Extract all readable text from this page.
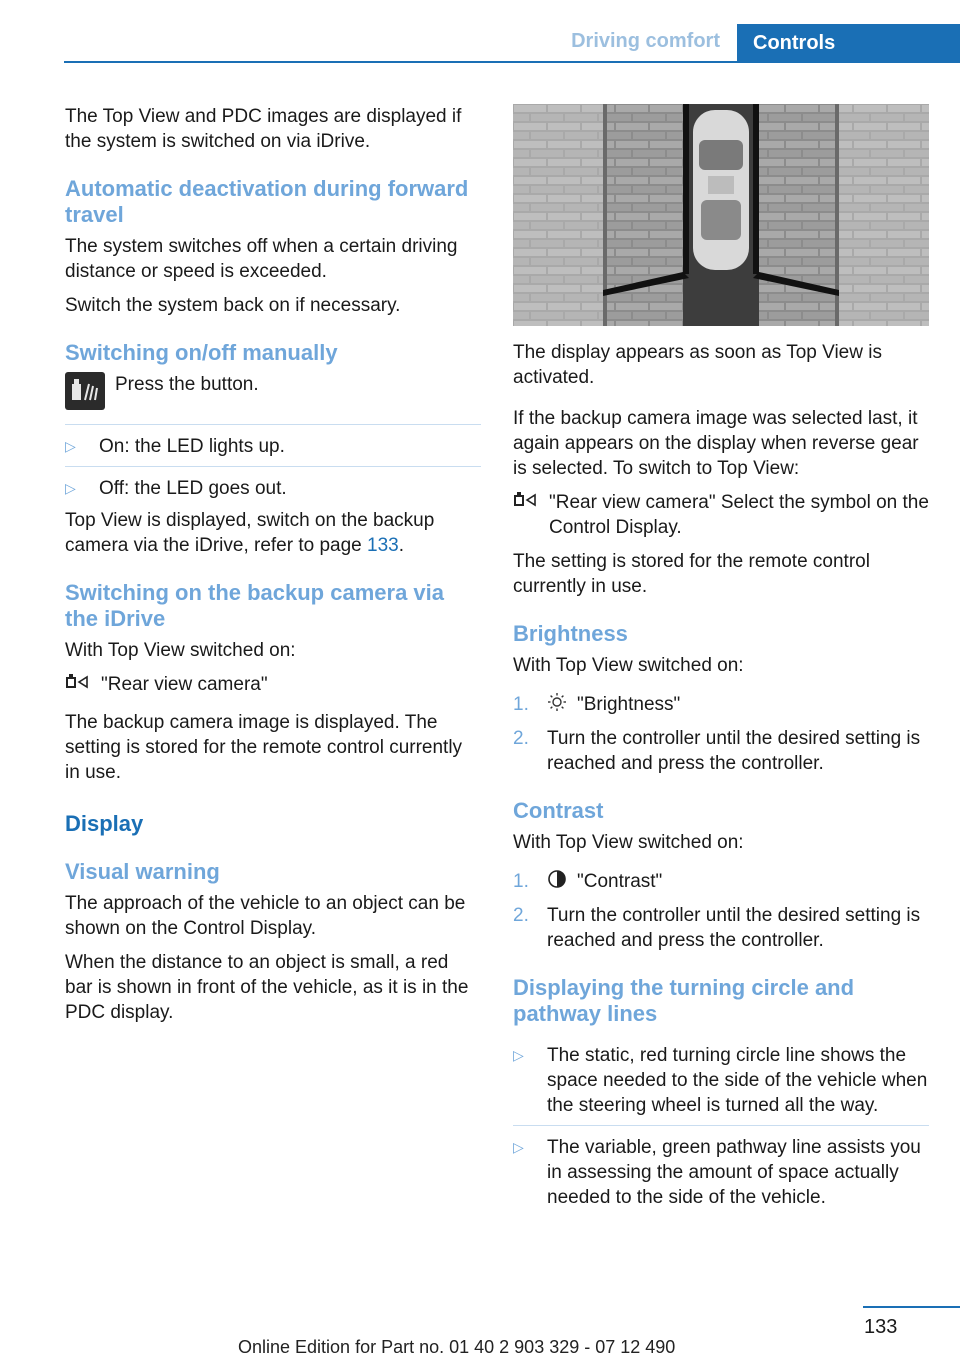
Driving comfort	Controls

The Top View and PDC images are displayed if the system is switched on via iDrive.

Automatic deactivation during forward travel

The system switches off when a certain driving distance or speed is exceeded.

Switch the system back on if necessary.

Switching on/off manually

Press the button.

▷	On: the LED lights up.
▷	Off: the LED goes out.

Top View is displayed, switch on the backup camera via the iDrive, refer to page 133.

Switching on the backup camera via the iDrive

With Top View switched on:

"Rear view camera"

The backup camera image is displayed. The setting is stored for the remote control currently in use.

Display
Visual warning

The approach of the vehicle to an object can be shown on the Control Display.

When the distance to an object is small, a red bar is shown in front of the vehicle, as it is in the PDC display.

The display appears as soon as Top View is activated.

If the backup camera image was selected last, it again appears on the display when reverse gear is selected. To switch to Top View:

"Rear view camera" Select the symbol on the Control Display.

The setting is stored for the remote control currently in use.

Brightness

With Top View switched on:

1.	"Brightness"
2. Turn the controller until the desired setting is reached and press the controller.
Contrast

With Top View switched on:

1.	"Contrast"
2. Turn the controller until the desired setting is reached and press the controller.
Displaying the turning circle and pathway lines
▷	The static, red turning circle line shows the space needed to the side of the vehicle when the steering wheel is turned all the way.
▷	The variable, green pathway line assists you in assessing the amount of space actually needed to the side of the vehicle.
133
Online Edition for Part no. 01 40 2 903 329 - 07 12 490
